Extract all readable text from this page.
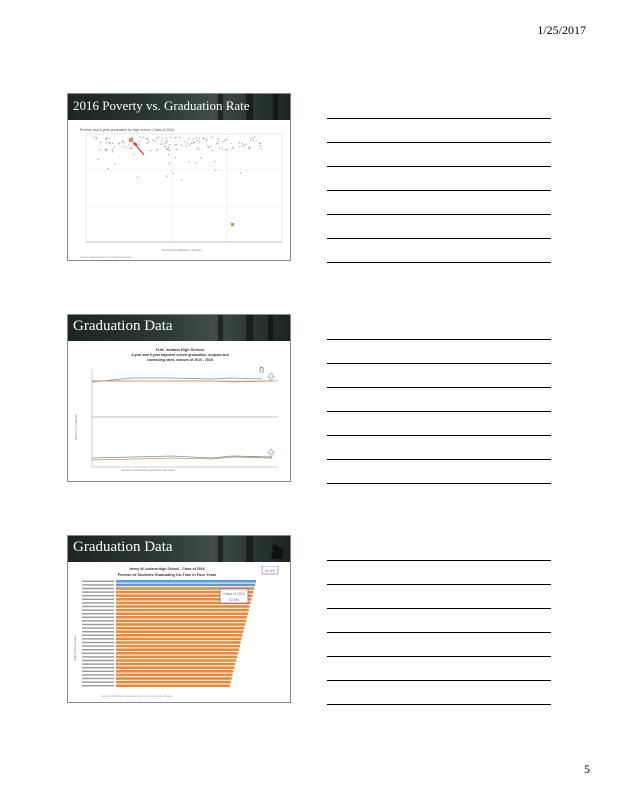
1/25/2017
2016 Poverty vs. Graduation Rate
Poverty and 4-year graduation by high school, Class of 2016
Percent of students in poverty
Source: Indiana Department of Education data
Graduation Data
N.W. Indiana High School
4-year and 5-year adjusted cohort graduation, dropout and
continuing rates, classes of 2010 - 2016
Percent of students
Percent of students by 4-year and 5-year cohort
Graduation Data
Henry W. Indiana High School - Class of 2016
Percent of Students Graduating On-Time in Four Years
92.8%
Class of 2016
92.8%
High school names
Source: IDOE data. Graduation rate for schools in Lake County
5
